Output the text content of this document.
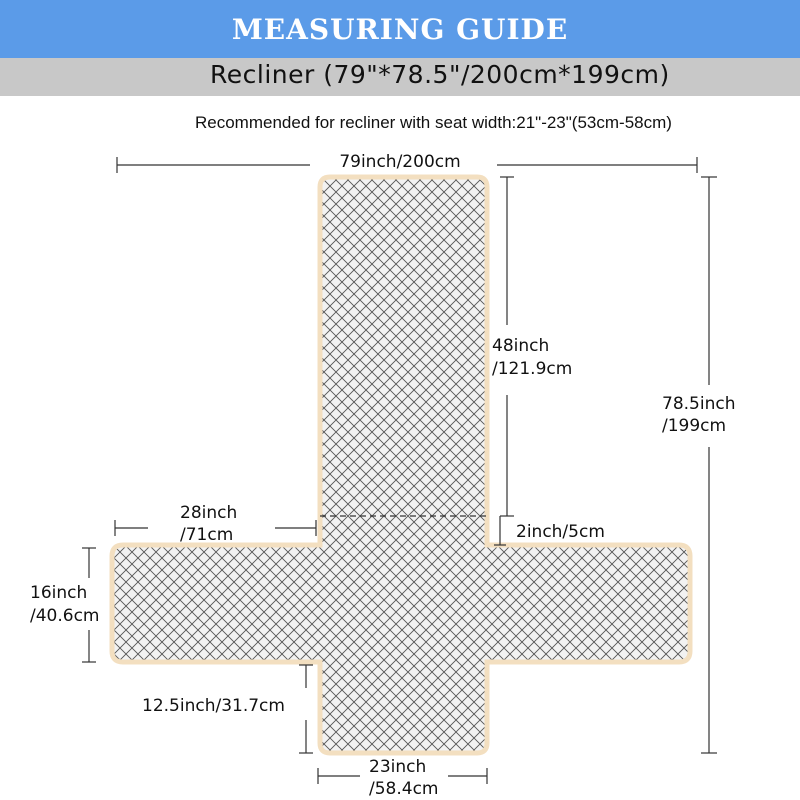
MEASURING GUIDE
Recliner (79"*78.5"/200cm*199cm)
Recommended for recliner with seat width:21"-23"(53cm-58cm)
79inch/200cm
78.5inch
/199cm
48inch
/121.9cm
2inch/5cm
28inch
/71cm
16inch
/40.6cm
12.5inch/31.7cm
23inch
/58.4cm
